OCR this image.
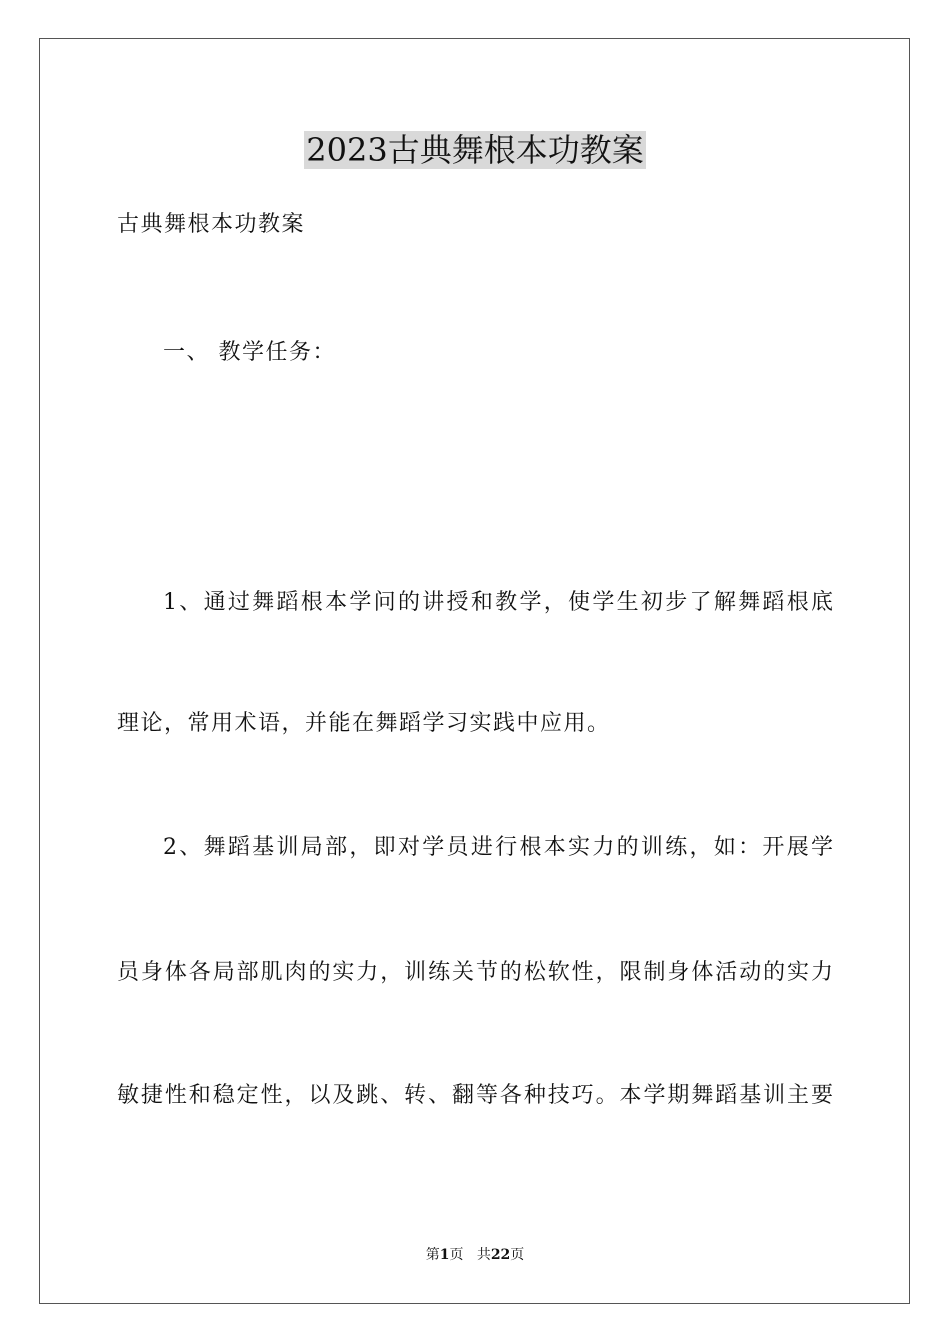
2023古典舞根本功教案

古典舞根本功教案

一、 教学任务：

1、通过舞蹈根本学问的讲授和教学，使学生初步了解舞蹈根底

理论，常用术语，并能在舞蹈学习实践中应用。

2、舞蹈基训局部，即对学员进行根本实力的训练，如：开展学

员身体各局部肌肉的实力，训练关节的松软性，限制身体活动的实力

敏捷性和稳定性，以及跳、转、翻等各种技巧。本学期舞蹈基训主要

第1页 共22页
